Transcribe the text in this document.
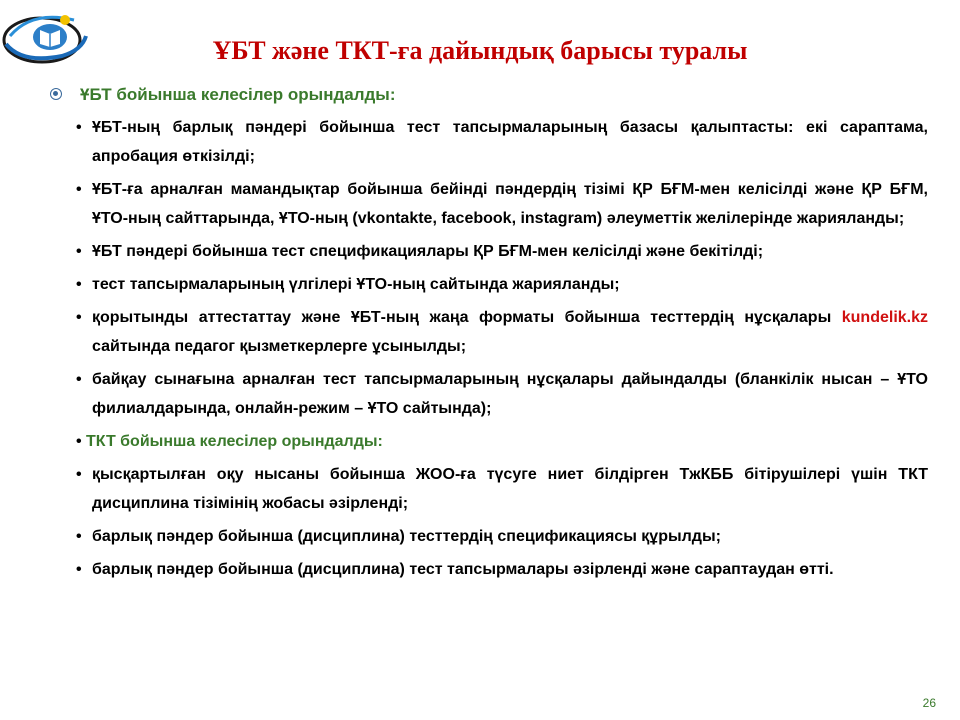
ҰБТ және ТКТ-ға дайындық барысы туралы
ҰБТ бойынша келесілер орындалды:
•
ҰБТ-ның барлық пәндері бойынша тест тапсырмаларының базасы қалыптасты: екі сараптама, апробация өткізілді;
•
ҰБТ-ға арналған мамандықтар бойынша бейінді пәндердің тізімі ҚР БҒМ-мен келісілді және ҚР БҒМ, ҰТО-ның сайттарында, ҰТО-ның (vkontakte, facebook, instagram) әлеуметтік желілерінде жарияланды;
•
ҰБТ пәндері бойынша тест спецификациялары ҚР БҒМ-мен келісілді және бекітілді;
•
тест тапсырмаларының үлгілері ҰТО-ның сайтында жарияланды;
•
қорытынды аттестаттау және ҰБТ-ның жаңа форматы бойынша тесттердің нұсқалары kundelik.kz сайтында педагог қызметкерлерге ұсынылды;
•
байқау сынағына арналған тест тапсырмаларының нұсқалары дайындалды (бланкілік нысан – ҰТО филиалдарында, онлайн-режим – ҰТО сайтында);
•
ТКТ бойынша келесілер орындалды:
•
қысқартылған оқу нысаны бойынша ЖОО-ға түсуге ниет білдірген ТжКББ бітірушілері үшін ТКТ дисциплина тізімінің жобасы әзірленді;
•
барлық пәндер бойынша (дисциплина) тесттердің спецификациясы құрылды;
•
барлық пәндер бойынша (дисциплина) тест тапсырмалары әзірленді және сараптаудан өтті.
26
